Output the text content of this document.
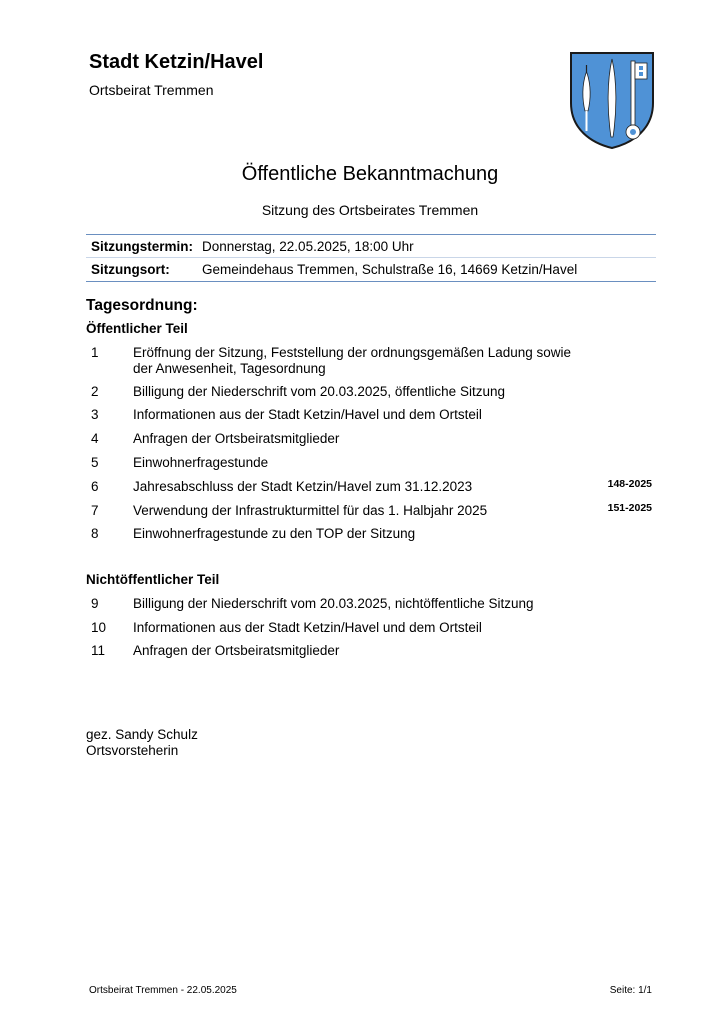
Stadt Ketzin/Havel
Ortsbeirat Tremmen
Öffentliche Bekanntmachung
Sitzung des Ortsbeirates Tremmen
Sitzungstermin: Donnerstag, 22.05.2025, 18:00 Uhr
Sitzungsort:	Gemeindehaus Tremmen, Schulstraße 16, 14669 Ketzin/Havel
Tagesordnung:
Öffentlicher Teil
1	Eröffnung der Sitzung, Feststellung der ordnungsgemäßen Ladung sowie der Anwesenheit, Tagesordnung
2	Billigung der Niederschrift vom 20.03.2025, öffentliche Sitzung
3	Informationen aus der Stadt Ketzin/Havel und dem Ortsteil
4	Anfragen der Ortsbeiratsmitglieder
5	Einwohnerfragestunde
6	Jahresabschluss der Stadt Ketzin/Havel zum 31.12.2023	148-2025
7	Verwendung der Infrastrukturmittel für das 1. Halbjahr 2025	151-2025
8	Einwohnerfragestunde zu den TOP der Sitzung
Nichtöffentlicher Teil
9	Billigung der Niederschrift vom 20.03.2025, nichtöffentliche Sitzung
10 Informationen aus der Stadt Ketzin/Havel und dem Ortsteil
11 Anfragen der Ortsbeiratsmitglieder
gez. Sandy Schulz
Ortsvorsteherin
Ortsbeirat Tremmen - 22.05.2025	Seite: 1/1
